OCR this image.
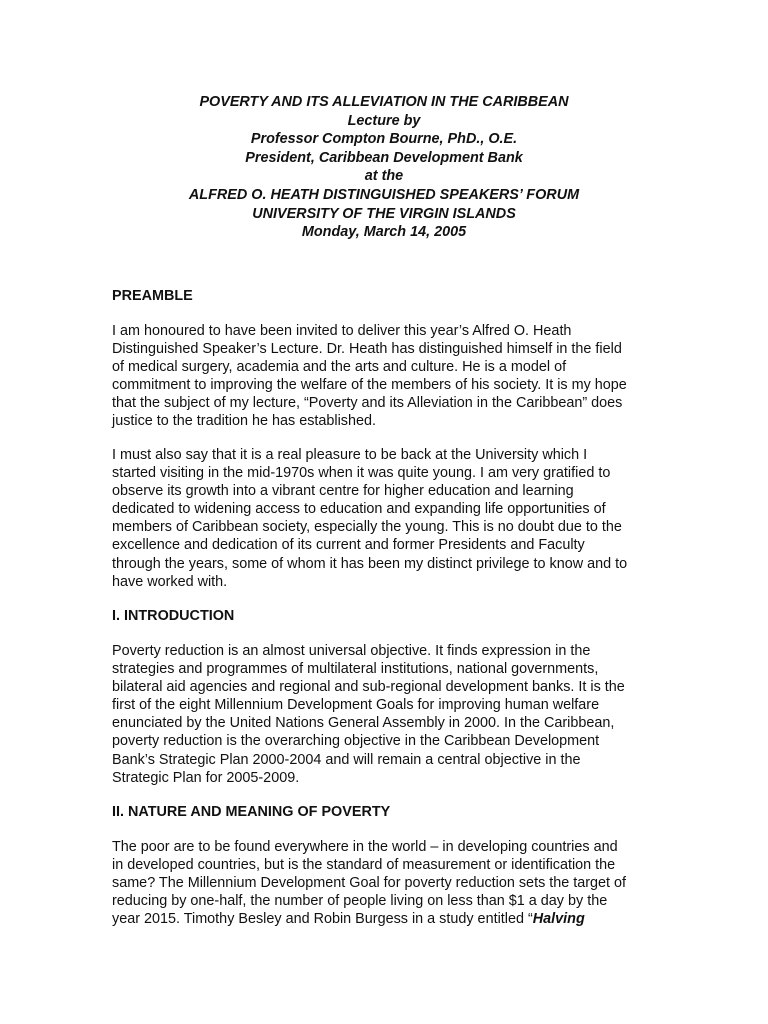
POVERTY AND ITS ALLEVIATION IN THE CARIBBEAN
Lecture by
Professor Compton Bourne, PhD., O.E.
President, Caribbean Development Bank
at the
ALFRED O. HEATH DISTINGUISHED SPEAKERS’ FORUM
UNIVERSITY OF THE VIRGIN ISLANDS
Monday, March 14, 2005
PREAMBLE
I am honoured to have been invited to deliver this year’s Alfred O. Heath
Distinguished Speaker’s Lecture. Dr. Heath has distinguished himself in the field
of medical surgery, academia and the arts and culture. He is a model of
commitment to improving the welfare of the members of his society. It is my hope
that the subject of my lecture, “Poverty and its Alleviation in the Caribbean” does
justice to the tradition he has established.
I must also say that it is a real pleasure to be back at the University which I
started visiting in the mid-1970s when it was quite young. I am very gratified to
observe its growth into a vibrant centre for higher education and learning
dedicated to widening access to education and expanding life opportunities of
members of Caribbean society, especially the young. This is no doubt due to the
excellence and dedication of its current and former Presidents and Faculty
through the years, some of whom it has been my distinct privilege to know and to
have worked with.
I. INTRODUCTION
Poverty reduction is an almost universal objective. It finds expression in the
strategies and programmes of multilateral institutions, national governments,
bilateral aid agencies and regional and sub-regional development banks. It is the
first of the eight Millennium Development Goals for improving human welfare
enunciated by the United Nations General Assembly in 2000. In the Caribbean,
poverty reduction is the overarching objective in the Caribbean Development
Bank’s Strategic Plan 2000-2004 and will remain a central objective in the
Strategic Plan for 2005-2009.
II. NATURE AND MEANING OF POVERTY
The poor are to be found everywhere in the world – in developing countries and
in developed countries, but is the standard of measurement or identification the
same? The Millennium Development Goal for poverty reduction sets the target of
reducing by one-half, the number of people living on less than $1 a day by the
year 2015. Timothy Besley and Robin Burgess in a study entitled “Halving
